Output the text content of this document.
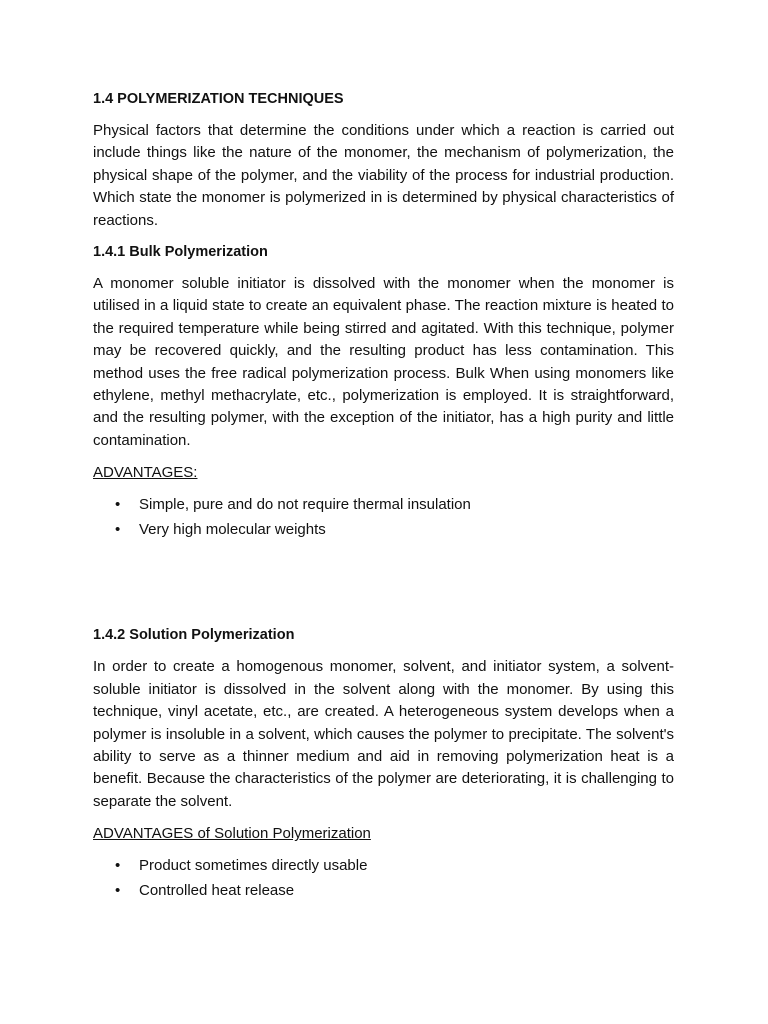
1.4 POLYMERIZATION TECHNIQUES

Physical factors that determine the conditions under which a reaction is carried out include things like the nature of the monomer, the mechanism of polymerization, the physical shape of the polymer, and the viability of the process for industrial production. Which state the monomer is polymerized in is determined by physical characteristics of reactions.

1.4.1 Bulk Polymerization

A monomer soluble initiator is dissolved with the monomer when the monomer is utilised in a liquid state to create an equivalent phase. The reaction mixture is heated to the required temperature while being stirred and agitated. With this technique, polymer may be recovered quickly, and the resulting product has less contamination. This method uses the free radical polymerization process. Bulk When using monomers like ethylene, methyl methacrylate, etc., polymerization is employed. It is straightforward, and the resulting polymer, with the exception of the initiator, has a high purity and little contamination.

ADVANTAGES:
• Simple, pure and do not require thermal insulation
• Very high molecular weights
1.4.2 Solution Polymerization

In order to create a homogenous monomer, solvent, and initiator system, a solvent-soluble initiator is dissolved in the solvent along with the monomer. By using this technique, vinyl acetate, etc., are created. A heterogeneous system develops when a polymer is insoluble in a solvent, which causes the polymer to precipitate. The solvent's ability to serve as a thinner medium and aid in removing polymerization heat is a benefit. Because the characteristics of the polymer are deteriorating, it is challenging to separate the solvent.

ADVANTAGES of Solution Polymerization
• Product sometimes directly usable
• Controlled heat release
